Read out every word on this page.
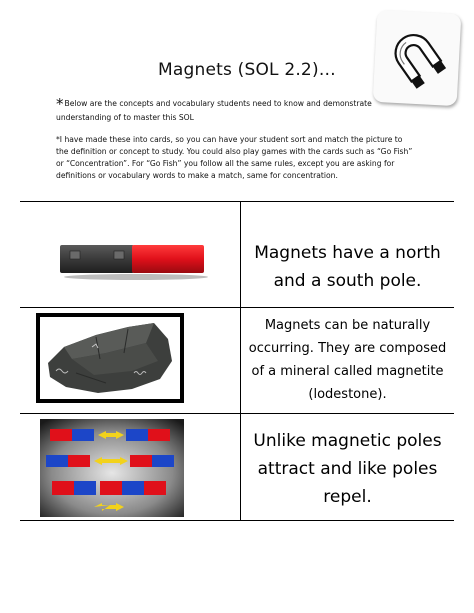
Magnets (SOL 2.2)…
*Below are the concepts and vocabulary students need to know and demonstrate understanding of to master this SOL
*I have made these into cards, so you can have your student sort and match the picture to the definition or concept to study. You could also play games with the cards such as “Go Fish” or “Concentration”. For “Go Fish” you follow all the same rules, except you are asking for definitions or vocabulary words to make a match, same for concentration.
Magnets have a north and a south pole.
Magnets can be naturally occurring. They are composed of a mineral called magnetite (lodestone).
Unlike magnetic poles attract and like poles repel.
